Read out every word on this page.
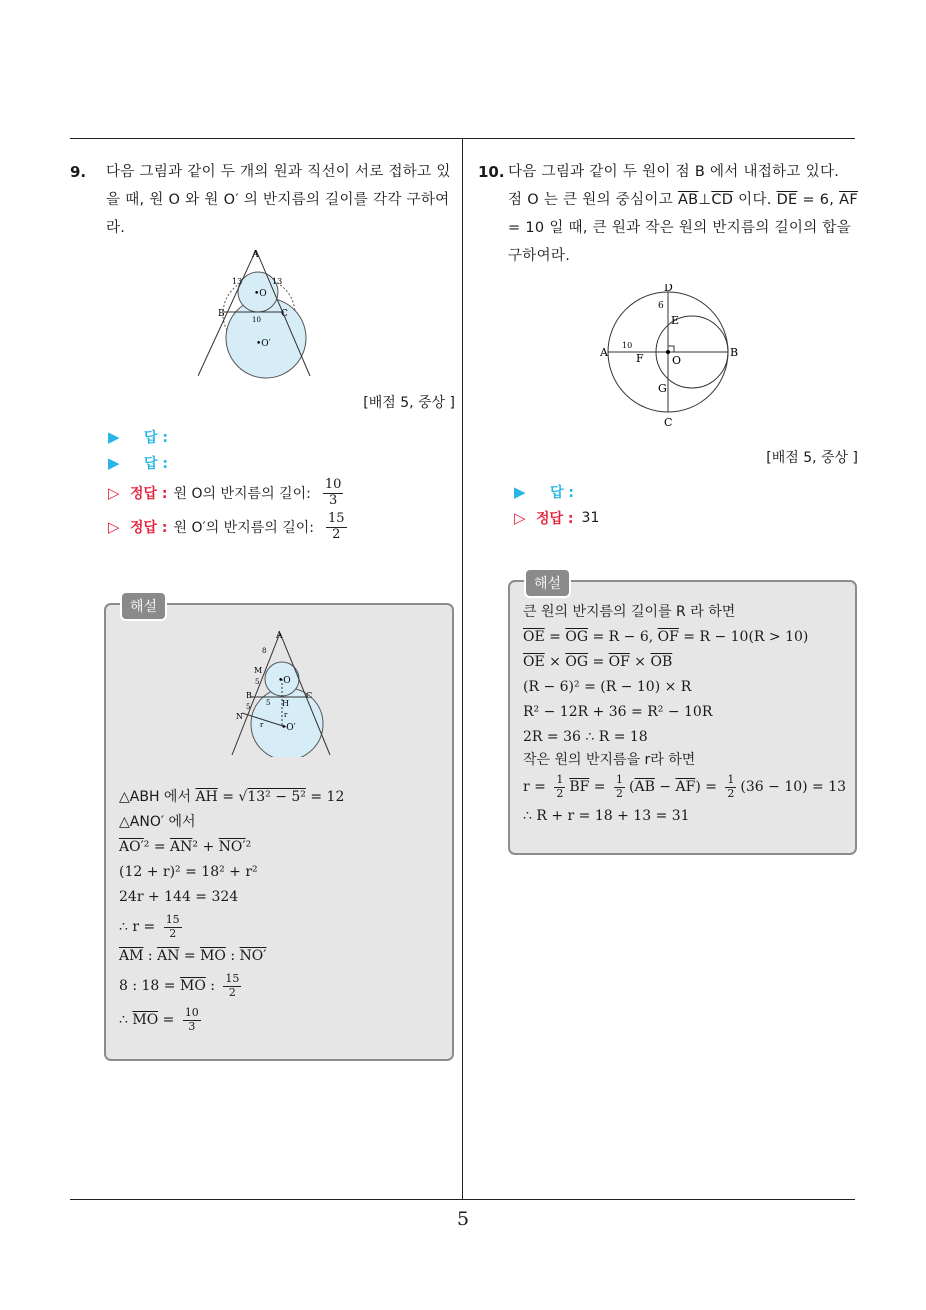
5
9.	다음 그림과 같이 두 개의 원과 직선이 서로 접하고 있을 때, 원 O 와 원 O′ 의 반지름의 길이를 각각 구하여라.
A
13	13
•O
B	C
10
•O′
[배점 5, 중상 ]
▶	답 :
▶	답 :
▷ 정답 : 원 O의 반지름의 길이: $\frac{10}{3}$
▷ 정답 : 원 O′의 반지름의 길이: $\frac{15}{2}$
해설
A
8
M
5 •O
B	C
5 5 H
r
N
r •O′
△ABH 에서 $\overline{AH} = √13^2 - 5^2 = 12$
△ANO′ 에서
$AO'^2 = \overline{AN}^2 + NO'^2$
(12 + r)² = 18² + r²
24r + 144 = 324
∴ $r = \frac{15}{2}$
$\overline{AM}$ : $\overline{AN} = \overline{MO}$ : NO′
8 : $18 = \overline{MO}$ : $\frac{15}{2}$
∴ $\overline{MO} = \frac{10}{3}$
10. 다음 그림과 같이 두 원이 점 B 에서 내접하고 있다. 점 O 는 큰 원의 중심이고 $\overline{AB}\perp\overline{CD}$ 이다. $\overline{DE} = 6$, $\overline{AF} = 10$ 일 때, 큰 원과 작은 원의 반지름의 길이의 합을 구하여라.
D
6
E
A
10
F	O
B
G
C
[배점 5, 중상 ]
▶	답 :
▷ 정답 : 31
해설
큰 원의 반지름의 길이를 R 라 하면
$\overline{OE} = \overline{OG} = R - 6$, $\overline{OF} = R - 10(R > 10)$
$\overline{OE} \times \overline{OG} = \overline{OF} \times \overline{OB}$
(R − 6)² = (R − 10) × R
R² − 12R + 36 = R² − 10R
2R = 36 ∴ R = 18
작은 원의 반지름을 r라 하면
$r = \frac{1}{2} \overline{BF} = \frac{1}{2} (\overline{AB} - \overline{AF}) = \frac{1}{2} (36 - 10) = 13$
∴ R + r = 18 + 13 = 31
